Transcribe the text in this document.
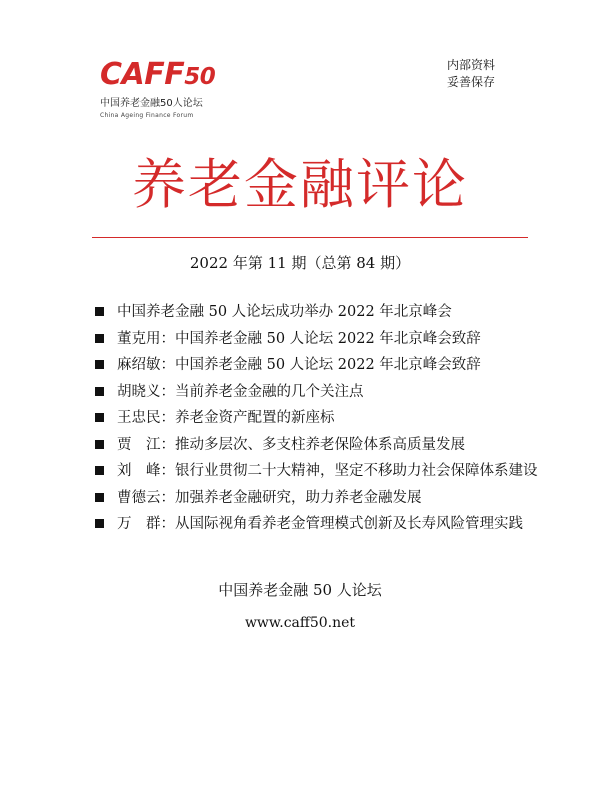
CAFF50
中国养老金融50人论坛
China Ageing Finance Forum
内部资料
妥善保存
养老金融评论
2022 年第 11 期（总第 84 期）
中国养老金融 50 人论坛成功举办 2022 年北京峰会
董克用：中国养老金融 50 人论坛 2022 年北京峰会致辞
麻绍敏：中国养老金融 50 人论坛 2022 年北京峰会致辞
胡晓义：当前养老金金融的几个关注点
王忠民：养老金资产配置的新座标
贾　江：推动多层次、多支柱养老保险体系高质量发展
刘　峰：银行业贯彻二十大精神，坚定不移助力社会保障体系建设
曹德云：加强养老金融研究，助力养老金融发展
万　群：从国际视角看养老金管理模式创新及长寿风险管理实践
中国养老金融 50 人论坛
www.caff50.net
